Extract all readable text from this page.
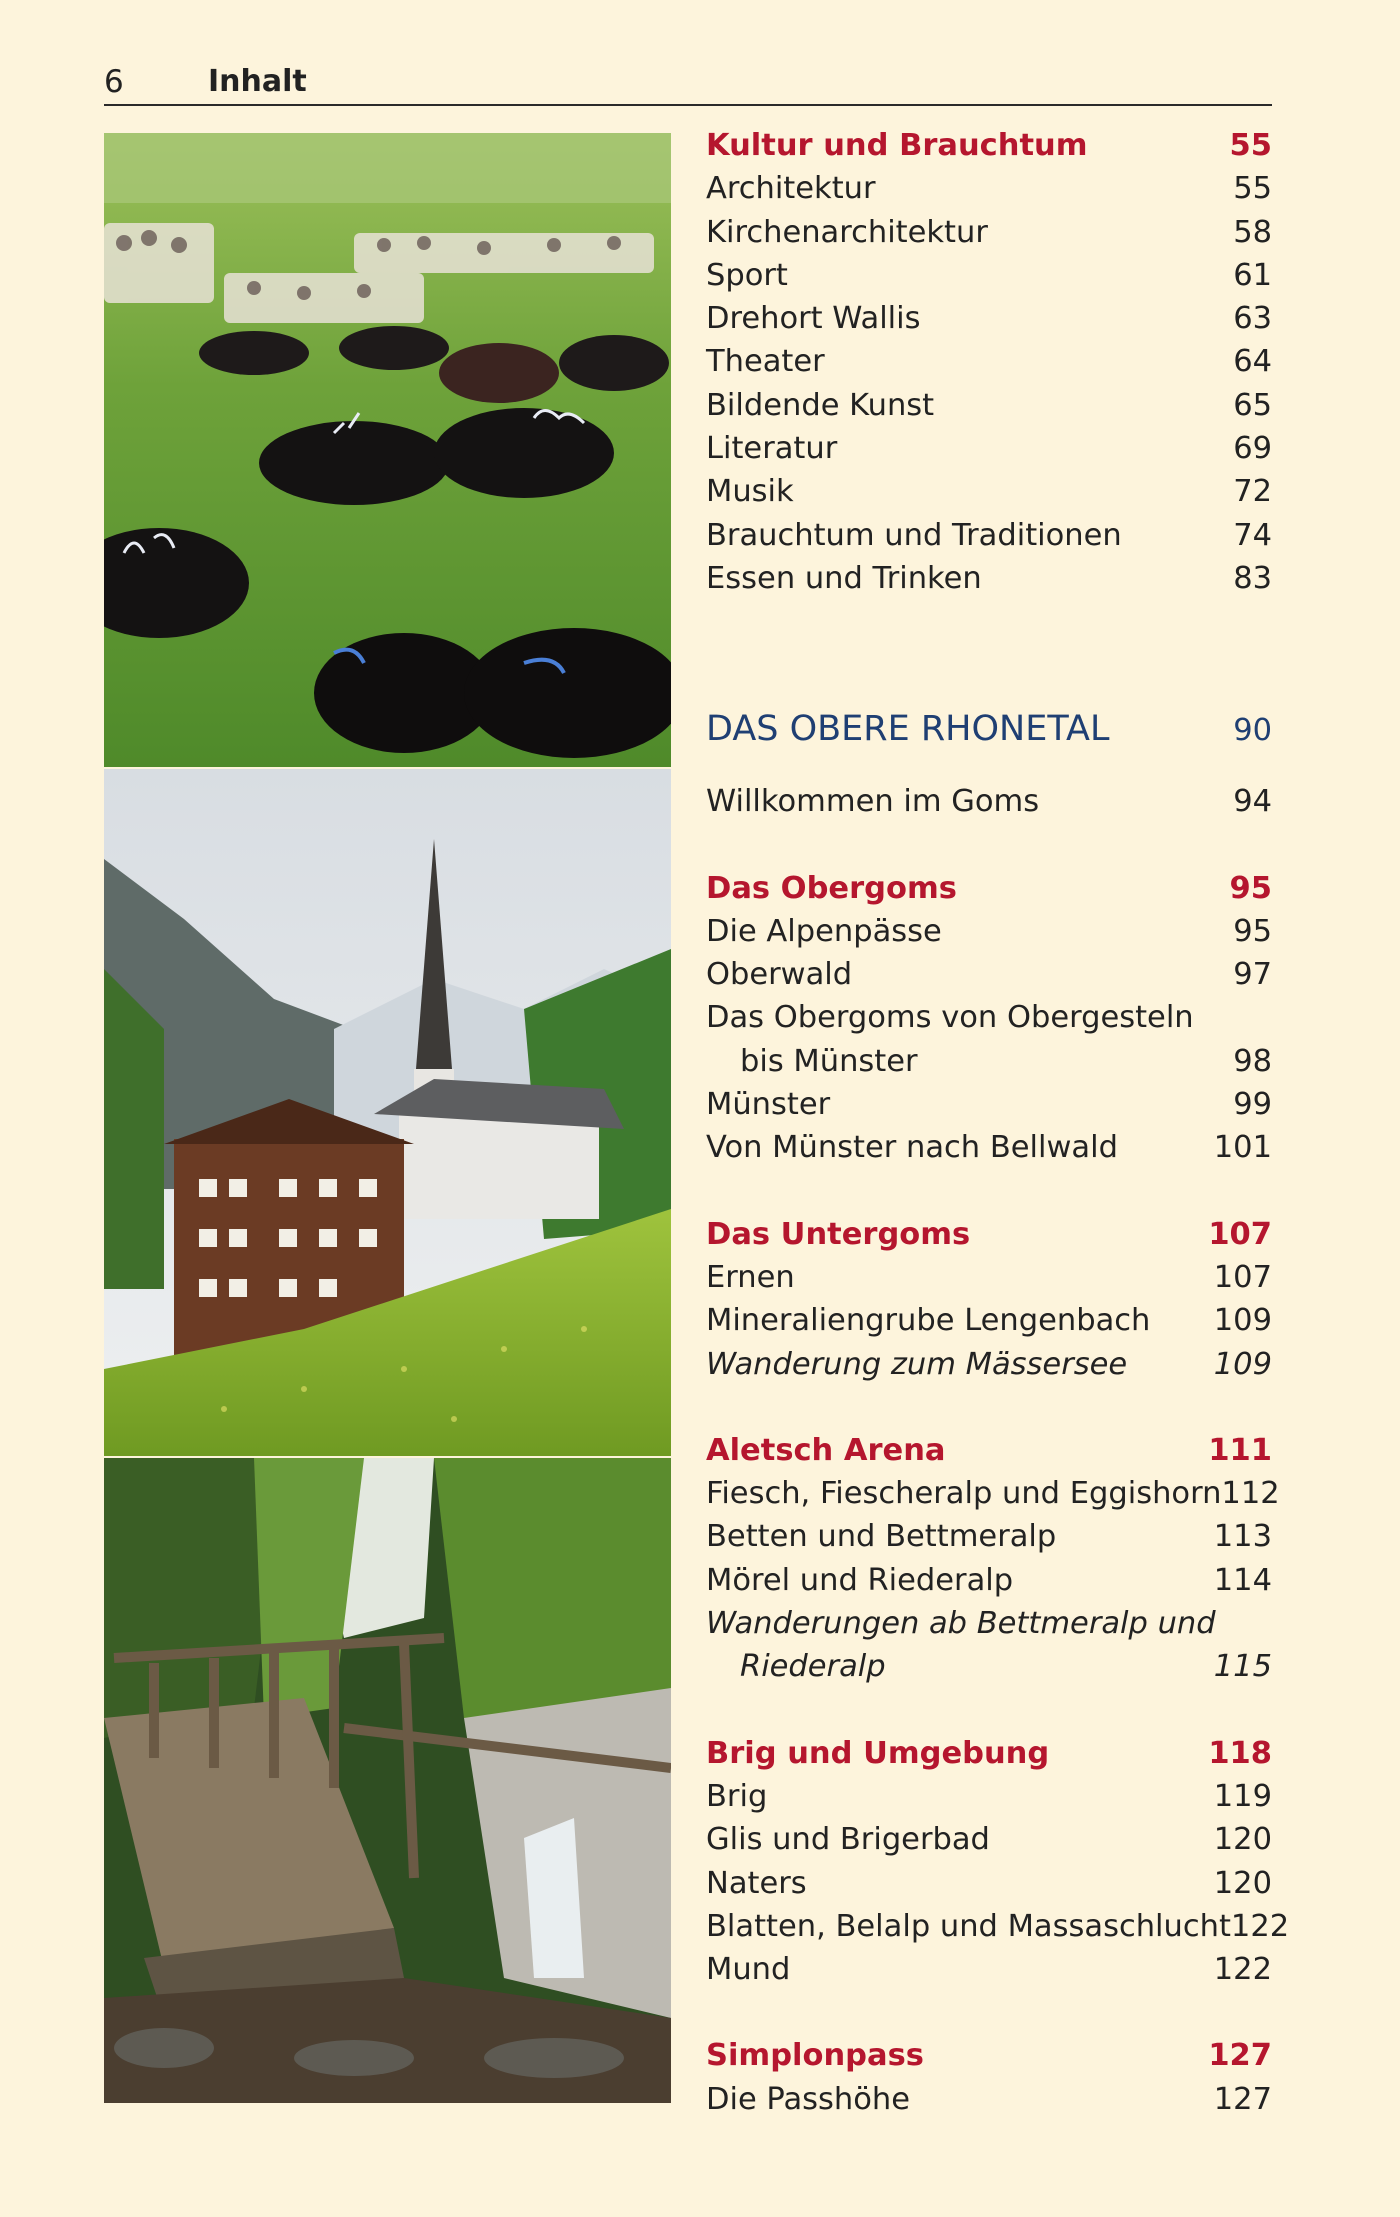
6	Inhalt
Kultur und Brauchtum	55
Architektur	55
Kirchenarchitektur	58
Sport	61
Drehort Wallis	63
Theater	64
Bildende Kunst	65
Literatur	69
Musik	72
Brauchtum und Traditionen	74
Essen und Trinken	83
DAS OBERE RHONETAL	90
Willkommen im Goms	94
Das Obergoms	95
Die Alpenpässe	95
Oberwald	97
Das Obergoms von Obergesteln
bis Münster	98
Münster	99
Von Münster nach Bellwald	101
Das Untergoms	107
Ernen	107
Mineraliengrube Lengenbach 109
Wanderung zum Mässersee	109
Aletsch Arena	111
Fiesch, Fiescheralp und Eggishorn 112
Betten und Bettmeralp	113
Mörel und Riederalp	114
Wanderungen ab Bettmeralp und
Riederalp	115
Brig und Umgebung	118
Brig	119
Glis und Brigerbad	120
Naters	120
Blatten, Belalp und Massaschlucht 122
Mund	122
Simplonpass	127
Die Passhöhe	127
